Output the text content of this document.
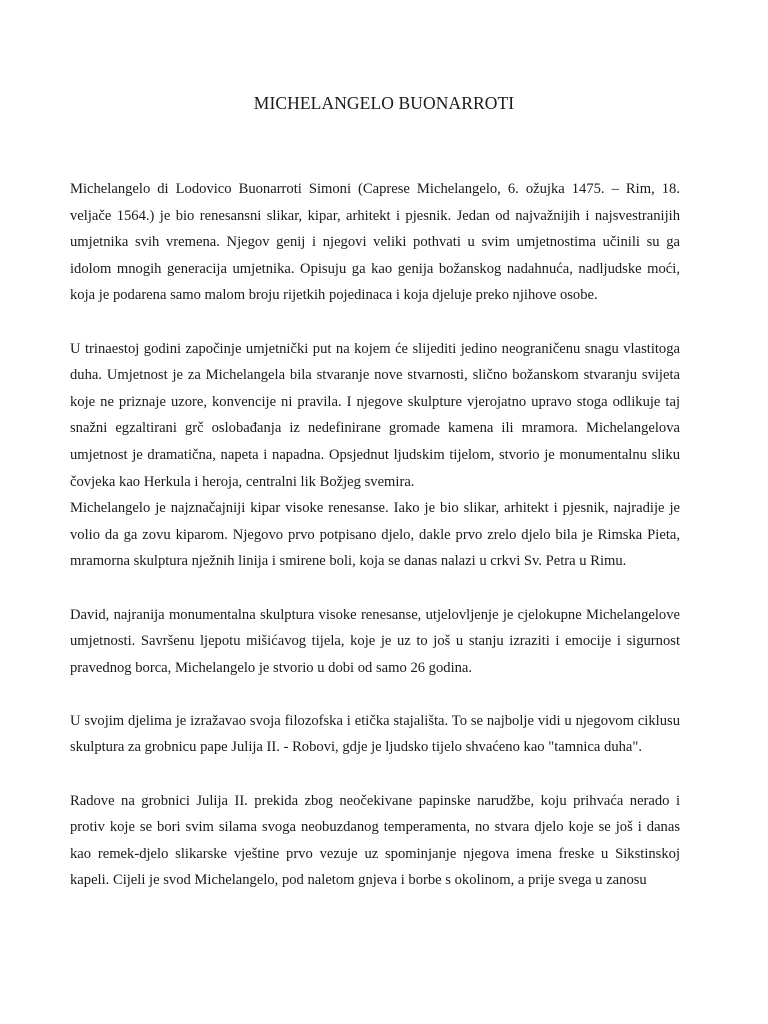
MICHELANGELO BUONARROTI

Michelangelo di Lodovico Buonarroti Simoni (Caprese Michelangelo, 6. ožujka 1475. – Rim, 18. veljače 1564.) je bio renesansni slikar, kipar, arhitekt i pjesnik. Jedan od najvažnijih i najsvestranijih umjetnika svih vremena. Njegov genij i njegovi veliki pothvati u svim umjetnostima učinili su ga idolom mnogih generacija umjetnika. Opisuju ga kao genija božanskog nadahnuća, nadljudske moći, koja je podarena samo malom broju rijetkih pojedinaca i koja djeluje preko njihove osobe.

U trinaestoj godini započinje umjetnički put na kojem će slijediti jedino neograničenu snagu vlastitoga duha. Umjetnost je za Michelangela bila stvaranje nove stvarnosti, slično božanskom stvaranju svijeta koje ne priznaje uzore, konvencije ni pravila. I njegove skulpture vjerojatno upravo stoga odlikuje taj snažni egzaltirani grč oslobađanja iz nedefinirane gromade kamena ili mramora. Michelangelova umjetnost je dramatična, napeta i napadna. Opsjednut ljudskim tijelom, stvorio je monumentalnu sliku čovjeka kao Herkula i heroja, centralni lik Božjeg svemira.

Michelangelo je najznačajniji kipar visoke renesanse. Iako je bio slikar, arhitekt i pjesnik, najradije je volio da ga zovu kiparom. Njegovo prvo potpisano djelo, dakle prvo zrelo djelo bila je Rimska Pieta, mramorna skulptura nježnih linija i smirene boli, koja se danas nalazi u crkvi Sv. Petra u Rimu.

David, najranija monumentalna skulptura visoke renesanse, utjelovljenje je cjelokupne Michelangelove umjetnosti. Savršenu ljepotu mišićavog tijela, koje je uz to još u stanju izraziti i emocije i sigurnost pravednog borca, Michelangelo je stvorio u dobi od samo 26 godina.

U svojim djelima je izražavao svoja filozofska i etička stajališta. To se najbolje vidi u njegovom ciklusu skulptura za grobnicu pape Julija II. - Robovi, gdje je ljudsko tijelo shvaćeno kao "tamnica duha".

Radove na grobnici Julija II. prekida zbog neočekivane papinske narudžbe, koju prihvaća nerado i protiv koje se bori svim silama svoga neobuzdanog temperamenta, no stvara djelo koje se još i danas kao remek-djelo slikarske vještine prvo vezuje uz spominjanje njegova imena freske u Sikstinskoj kapeli. Cijeli je svod Michelangelo, pod naletom gnjeva i borbe s okolinom, a prije svega u zanosu
